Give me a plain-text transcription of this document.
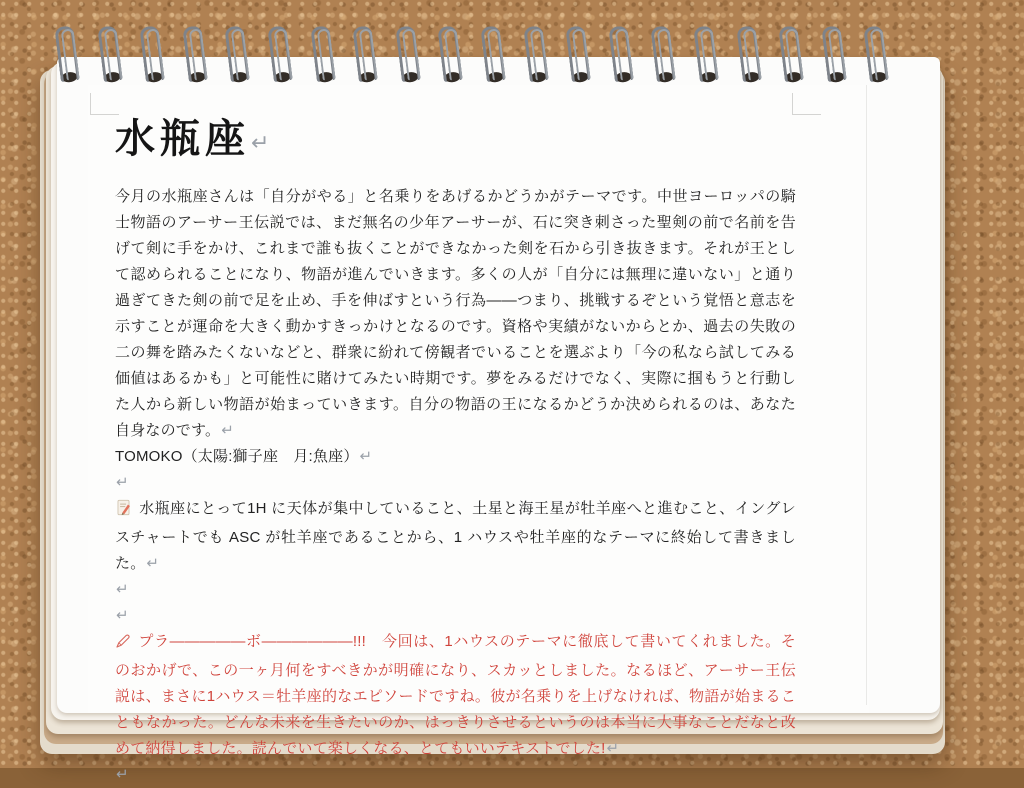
水瓶座↵

今月の水瓶座さんは「自分がやる」と名乗りをあげるかどうかがテーマです。中世ヨーロッパの騎士物語のアーサー王伝説では、まだ無名の少年アーサーが、石に突き刺さった聖剣の前で名前を告げて剣に手をかけ、これまで誰も抜くことができなかった剣を石から引き抜きます。それが王として認められることになり、物語が進んでいきます。多くの人が「自分には無理に違いない」と通り過ぎてきた剣の前で足を止め、手を伸ばすという行為――つまり、挑戦するぞという覚悟と意志を示すことが運命を大きく動かすきっかけとなるのです。資格や実績がないからとか、過去の失敗の二の舞を踏みたくないなどと、群衆に紛れて傍観者でいることを選ぶより「今の私なら試してみる価値はあるかも」と可能性に賭けてみたい時期です。夢をみるだけでなく、実際に掴もうと行動した人から新しい物語が始まっていきます。自分の物語の王になるかどうか決められるのは、あなた自身なのです。↵

TOMOKO（太陽:獅子座　月:魚座）↵

↵

水瓶座にとって1H に天体が集中していること、土星と海王星が牡羊座へと進むこと、イングレスチャートでも ASC が牡羊座であることから、1 ハウスや牡羊座的なテーマに終始して書きました。↵

↵

↵

プラ―――――ボ――――――!!!　今回は、1ハウスのテーマに徹底して書いてくれました。そのおかげで、この一ヶ月何をすべきかが明確になり、スカッとしました。なるほど、アーサー王伝説は、まさに1ハウス＝牡羊座的なエピソードですね。彼が名乗りを上げなければ、物語が始まることもなかった。どんな未来を生きたいのか、はっきりさせるというのは本当に大事なことだなと改めて納得しました。読んでいて楽しくなる、とてもいいテキストでした!↵

↵
